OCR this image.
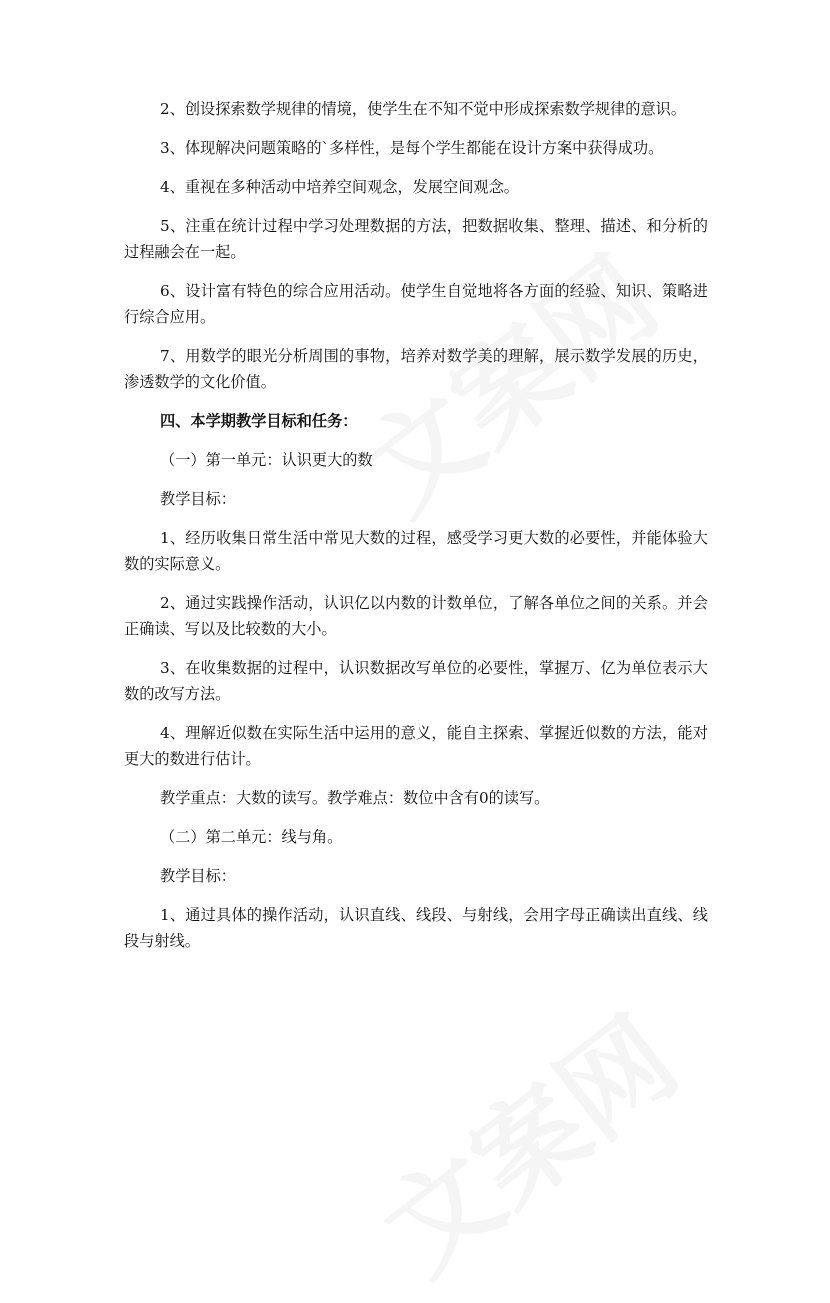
2、创设探索数学规律的情境，使学生在不知不觉中形成探索数学规律的意识。

3、体现解决问题策略的`多样性，是每个学生都能在设计方案中获得成功。

4、重视在多种活动中培养空间观念，发展空间观念。

5、注重在统计过程中学习处理数据的方法，把数据收集、整理、描述、和分析的过程融会在一起。

6、设计富有特色的综合应用活动。使学生自觉地将各方面的经验、知识、策略进行综合应用。

7、用数学的眼光分析周围的事物，培养对数学美的理解，展示数学发展的历史，渗透数学的文化价值。

四、本学期教学目标和任务：

（一）第一单元：认识更大的数

教学目标：

1、经历收集日常生活中常见大数的过程，感受学习更大数的必要性，并能体验大数的实际意义。

2、通过实践操作活动，认识亿以内数的计数单位，了解各单位之间的关系。并会正确读、写以及比较数的大小。

3、在收集数据的过程中，认识数据改写单位的必要性，掌握万、亿为单位表示大数的改写方法。

4、理解近似数在实际生活中运用的意义，能自主探索、掌握近似数的方法，能对更大的数进行估计。

教学重点：大数的读写。教学难点：数位中含有0的读写。

（二）第二单元：线与角。

教学目标：

1、通过具体的操作活动，认识直线、线段、与射线，会用字母正确读出直线、线段与射线。
